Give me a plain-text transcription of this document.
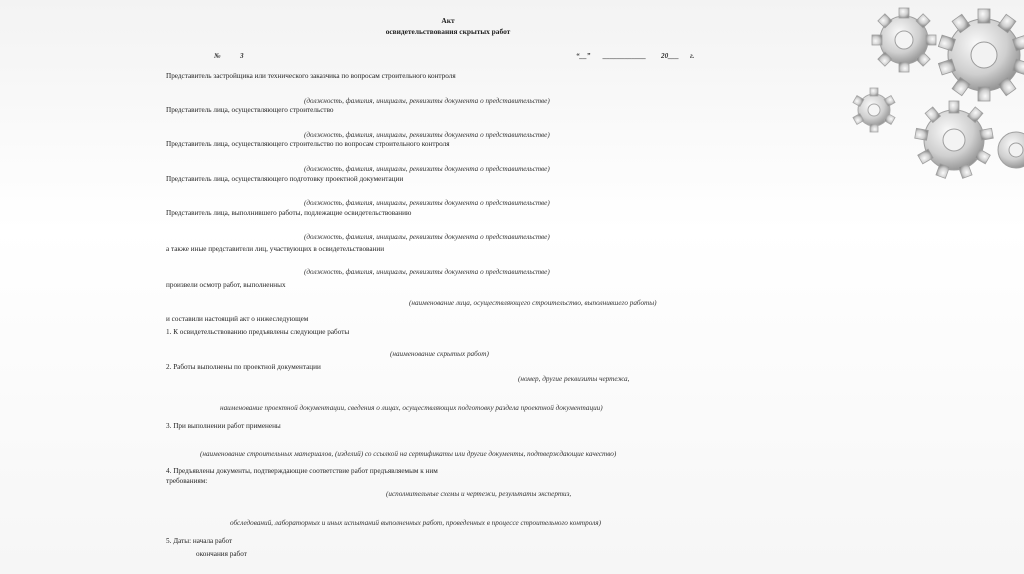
Акт
освидетельствования скрытых работ
№	3	“__” ____________ 20___ г.
Представитель застройщика или технического заказчика по вопросам строительного контроля
(должность, фамилия, инициалы, реквизиты документа о представительстве)
Представитель лица, осуществляющего строительство
(должность, фамилия, инициалы, реквизиты документа о представительстве)
Представитель лица, осуществляющего строительство по вопросам строительного контроля
(должность, фамилия, инициалы, реквизиты документа о представительстве)
Представитель лица, осуществляющего подготовку проектной документации
(должность, фамилия, инициалы, реквизиты документа о представительстве)
Представитель лица, выполнившего работы, подлежащие освидетельствованию
(должность, фамилия, инициалы, реквизиты документа о представительстве)
а также иные представители лиц, участвующих в освидетельствовании
(должность, фамилия, инициалы, реквизиты документа о представительстве)
произвели осмотр работ, выполненных
(наименование лица, осуществляющего строительство, выполнившего работы)
и составили настоящий акт о нижеследующем
1. К освидетельствованию предъявлены следующие работы
(наименование скрытых работ)
2. Работы выполнены по проектной документации
(номер, другие реквизиты чертежа,
наименование проектной документации, сведения о лицах, осуществляющих подготовку раздела проектной документации)
3. При выполнении работ применены
(наименование строительных материалов, (изделий) со ссылкой на сертификаты или другие документы, подтверждающие качество)
4. Предъявлены документы, подтверждающие соответствие работ предъявляемым к ним
требованиям:
(исполнительные схемы и чертежи, результаты экспертиз,
обследований, лабораторных и иных испытаний выполненных работ, проведенных в процессе строительного контроля)
5. Даты: начала работ
окончания работ
